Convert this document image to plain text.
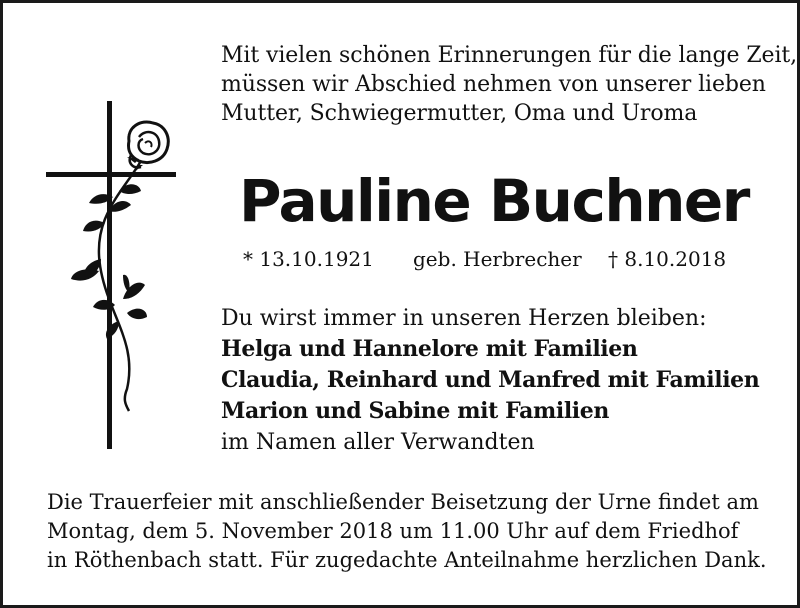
Mit vielen schönen Erinnerungen für die lange Zeit,
müssen wir Abschied nehmen von unserer lieben
Mutter, Schwiegermutter, Oma und Uroma
Pauline Buchner
* 13.10.1921 geb. Herbrecher † 8.10.2018
Du wirst immer in unseren Herzen bleiben:
Helga und Hannelore mit Familien
Claudia, Reinhard und Manfred mit Familien
Marion und Sabine mit Familien
im Namen aller Verwandten
Die Trauerfeier mit anschließender Beisetzung der Urne findet am
Montag, dem 5. November 2018 um 11.00 Uhr auf dem Friedhof
in Röthenbach statt. Für zugedachte Anteilnahme herzlichen Dank.
